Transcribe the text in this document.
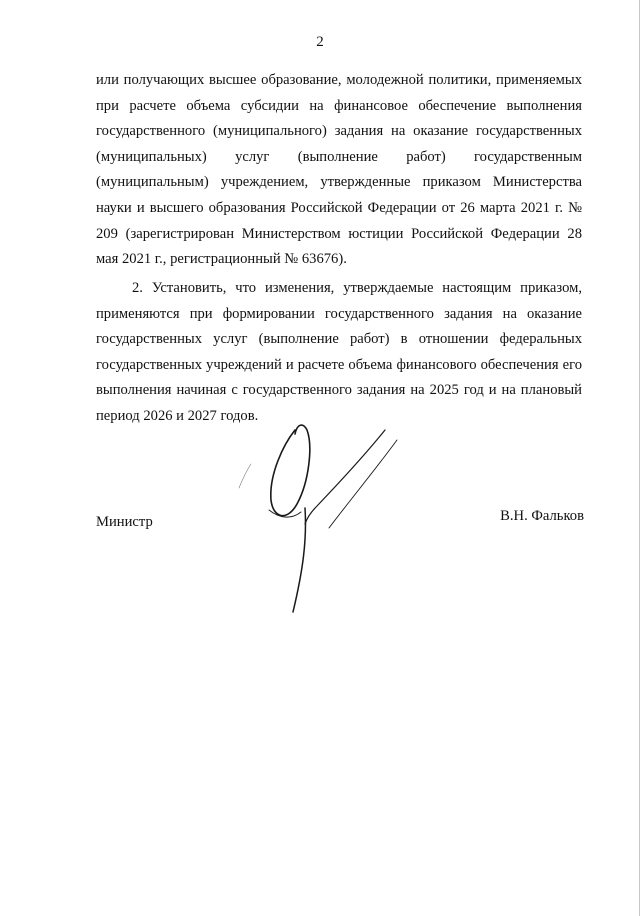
2

или получающих высшее образование, молодежной политики, применяемых при расчете объема субсидии на финансовое обеспечение выполнения государственного (муниципального) задания на оказание государственных (муниципальных) услуг (выполнение работ) государственным (муниципальным) учреждением, утвержденные приказом Министерства науки и высшего образования Российской Федерации от 26 марта 2021 г. № 209 (зарегистрирован Министерством юстиции Российской Федерации 28 мая 2021 г., регистрационный № 63676).

2. Установить, что изменения, утверждаемые настоящим приказом, применяются при формировании государственного задания на оказание государственных услуг (выполнение работ) в отношении федеральных государственных учреждений и расчете объема финансового обеспечения его выполнения начиная с государственного задания на 2025 год и на плановый период 2026 и 2027 годов.

Министр	В.Н. Фальков
